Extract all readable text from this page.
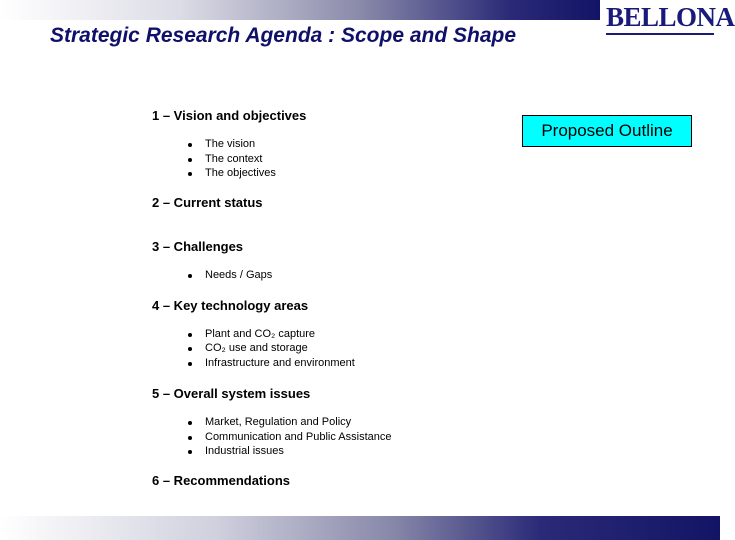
Strategic Research Agenda : Scope and Shape
BELLONA
Proposed Outline
1 – Vision and objectives
The vision
The context
The objectives
2 – Current status
3 – Challenges
Needs / Gaps
4 – Key technology areas
Plant and CO₂ capture
CO₂ use and storage
Infrastructure and environment
5 – Overall system issues
Market, Regulation and Policy
Communication and Public Assistance
Industrial issues
6 – Recommendations
